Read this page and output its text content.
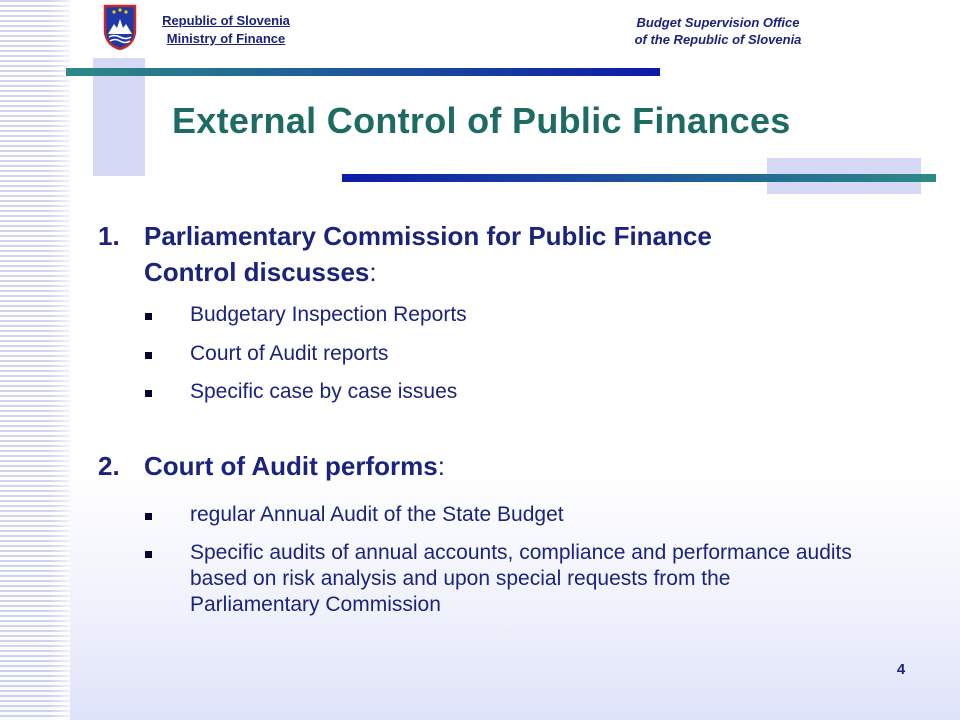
Republic of Slovenia
Ministry of Finance
Budget Supervision Office
of the Republic of Slovenia
External Control of Public Finances
1. Parliamentary Commission for Public Finance
Control discusses:
Budgetary Inspection Reports
Court of Audit reports
Specific case by case issues
2. Court of Audit performs:
regular Annual Audit of the State Budget
Specific audits of annual accounts, compliance and performance audits based on risk analysis and upon special requests from the Parliamentary Commission
4
